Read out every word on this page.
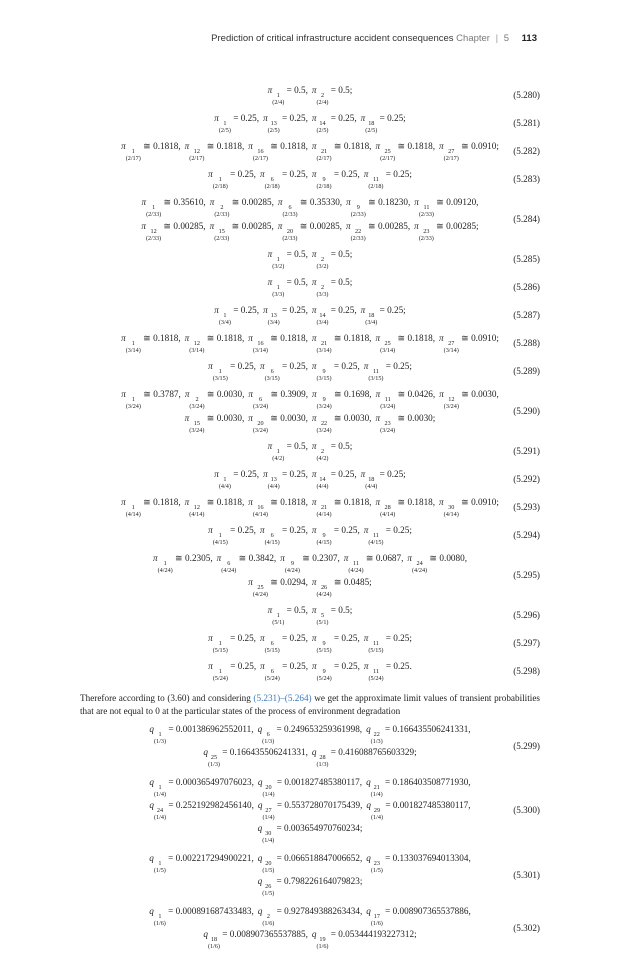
Prediction of critical infrastructure accident consequences Chapter | 5 113
π
1
(2/4)
= 0.5,π
2
(2/4)
= 0.5;	(5.280)
π
1
(2/5)
= 0.25,π
13
(2/5)
= 0.25,π
14
(2/5)
= 0.25,π
18
(2/5)
= 0.25;	(5.281)
π
1
(2/17)
≅ 0.1818,π
12
(2/17)
≅ 0.1818,π
16
(2/17)
≅ 0.1818,π
21
(2/17)
≅ 0.1818,π
25
(2/17)
≅ 0.1818,π
27
(2/17)
≅ 0.0910; (5.282)
π
1
(2/18)
= 0.25,π
6
(2/18)
= 0.25,π
9
(2/18)
= 0.25,π
11
(2/18)
= 0.25;	(5.283)
π
1
(2/33)
≅ 0.35610,π
2
(2/33)
≅ 0.00285,π
6
(2/33)
≅ 0.35330,π
9
(2/33)
≅ 0.18230,π
11
(2/33)
≅ 0.09120,
π
12
(2/33)
≅ 0.00285,π
15
(2/33)
≅ 0.00285,π
20
(2/33)
≅ 0.00285,π
22
(2/33)
≅ 0.00285,π
23
(2/33)
≅ 0.00285;
(5.284)
π
1
(3/2)
= 0.5,π
2
(3/2)
= 0.5;	(5.285)
π
1
(3/3)
= 0.5,π
2
(3/3)
= 0.5;	(5.286)
π
1
(3/4)
= 0.25,π
13
(3/4)
= 0.25,π
14
(3/4)
= 0.25,π
18
(3/4)
= 0.25;	(5.287)
π
1
(3/14)
≅ 0.1818,π
12
(3/14)
≅ 0.1818,π
16
(3/14)
≅ 0.1818,π
21
(3/14)
≅ 0.1818,π
25
(3/14)
≅ 0.1818,π
27
(3/14)
≅ 0.0910; (5.288)
π
1
(3/15)
= 0.25,π
6
(3/15)
= 0.25,π
9
(3/15)
= 0.25,π
11
(3/15)
= 0.25;	(5.289)
π
1
(3/24)
≅ 0.3787,π
2
(3/24)
≅ 0.0030,π
6
(3/24)
≅ 0.3909,π
9
(3/24)
≅ 0.1698,π
11
(3/24)
≅ 0.0426,π
12
(3/24)
≅ 0.0030,
π
15
(3/24)
≅ 0.0030,π
20
(3/24)
≅ 0.0030,π
22
(3/24)
≅ 0.0030,π
23
(3/24)
≅ 0.0030;
(5.290)
π
1
(4/2)
= 0.5,π
2
(4/2)
= 0.5;	(5.291)
π
1
(4/4)
= 0.25,π
13
(4/4)
= 0.25,π
14
(4/4)
= 0.25,π
18
(4/4)
= 0.25;	(5.292)
π
1
(4/14)
≅ 0.1818,π
12
(4/14)
≅ 0.1818,π
16
(4/14)
≅ 0.1818,π
21
(4/14)
≅ 0.1818,π
28
(4/14)
≅ 0.1818,π
30
(4/14)
≅ 0.0910; (5.293)
π
1
(4/15)
= 0.25,π
6
(4/15)
= 0.25,π
9
(4/15)
= 0.25,π
11
(4/15)
= 0.25;	(5.294)
π
1
(4/24)
≅ 0.2305,π
6
(4/24)
≅ 0.3842,π
9
(4/24)
≅ 0.2307,π
11
(4/24)
≅ 0.0687,π
24
(4/24)
≅ 0.0080,
π
25
(4/24)
≅ 0.0294,π
26
(4/24)
≅ 0.0485;
(5.295)
π
1
(5/1)
= 0.5,π
5
(5/1)
= 0.5;	(5.296)
π
1
(5/15)
= 0.25,π
6
(5/15)
= 0.25,π
9
(5/15)
= 0.25,π
11
(5/15)
= 0.25;	(5.297)
π
1
(5/24)
= 0.25,π
6
(5/24)
= 0.25,π
9
(5/24)
= 0.25,π
11
(5/24)
= 0.25.	(5.298)

Therefore according to (3.60) and considering (5.231)–(5.264) we get the approximate limit values of transient probabilities that are not equal to 0 at the particular states of the process of environment degradation

q
1
(1/3)
= 0.001386962552011,q
6
(1/3)
= 0.249653259361998,q
22
(1/3)
= 0.166435506241331,
q
25
(1/3)
= 0.166435506241331,q
28
(1/3)
= 0.416088765603329;
(5.299)
q
1
(1/4)
= 0.000365497076023,q
20
(1/4)
= 0.001827485380117,q
21
(1/4)
= 0.186403508771930,
q
24
(1/4)
= 0.252192982456140,q
27
(1/4)
= 0.553728070175439,q
29
(1/4)
= 0.001827485380117,
q
30
(1/4)
= 0.003654970760234;
(5.300)
q
1
(1/5)
= 0.002217294900221,q
20
(1/5)
= 0.066518847006652,q
23
(1/5)
= 0.133037694013304,
q
26
(1/5)
= 0.798226164079823;
(5.301)
q
1
(1/6)
= 0.000891687433483,q
2
(1/6)
= 0.927849388263434,q
17
(1/6)
= 0.008907365537886,
q
18
(1/6)
= 0.008907365537885,q
19
(1/6)
= 0.053444193227312;
(5.302)
